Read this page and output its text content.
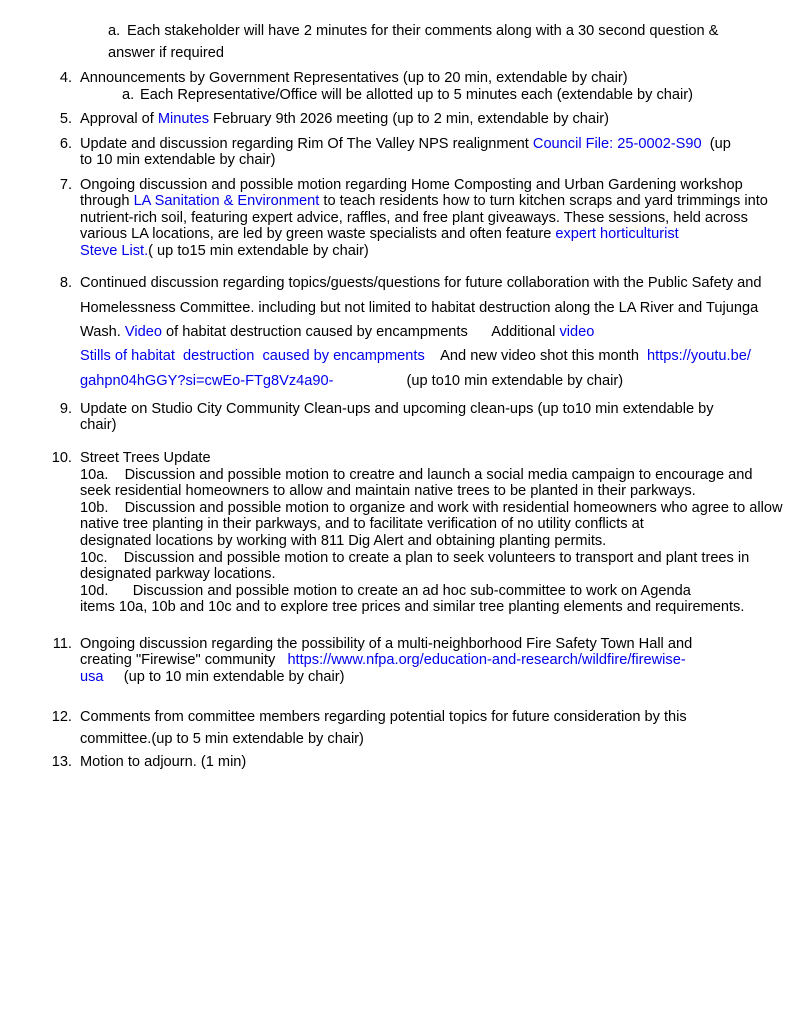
a. Each stakeholder will have 2 minutes for their comments along with a 30 second question &
answer if required
4. Announcements by Government Representatives (up to 20 min, extendable by chair)
a. Each Representative/Office will be allotted up to 5 minutes each (extendable by chair)
5. Approval of Minutes February 9th 2026 meeting (up to 2 min, extendable by chair)
6. Update and discussion regarding Rim Of The Valley NPS realignment Council File: 25-0002-S90  (up
to 10 min extendable by chair)
7. Ongoing discussion and possible motion regarding Home Composting and Urban Gardening workshop
through LA Sanitation & Environment to teach residents how to turn kitchen scraps and yard trimmings into
nutrient-rich soil, featuring expert advice, raffles, and free plant giveaways. These sessions, held across
various LA locations, are led by green waste specialists and often feature expert horticulturist
Steve List.( up to15 min extendable by chair)
8. Continued discussion regarding topics/guests/questions for future collaboration with the Public Safety and
Homelessness Committee. including but not limited to habitat destruction along the LA River and Tujunga
Wash. Video of habitat destruction caused by encampments      Additional video
Stills of habitat  destruction  caused by encampments    And new video shot this month  https://youtu.be/
gahpn04hGGY?si=cwEo-FTg8Vz4a90-                  (up to10 min extendable by chair)
9. Update on Studio City Community Clean-ups and upcoming clean-ups (up to10 min extendable by
chair)
10. Street Trees Update
10a.    Discussion and possible motion to creatre and launch a social media campaign to encourage and
seek residential homeowners to allow and maintain native trees to be planted in their parkways.
10b.    Discussion and possible motion to organize and work with residential homeowners who agree to allow
native tree planting in their parkways, and to facilitate verification of no utility conflicts at
designated locations by working with 811 Dig Alert and obtaining planting permits.
10c.    Discussion and possible motion to create a plan to seek volunteers to transport and plant trees in
designated parkway locations.
10d.      Discussion and possible motion to create an ad hoc sub-committee to work on Agenda
items 10a, 10b and 10c and to explore tree prices and similar tree planting elements and requirements.
11. Ongoing discussion regarding the possibility of a multi-neighborhood Fire Safety Town Hall and
creating "Firewise" community   https://www.nfpa.org/education-and-research/wildfire/firewise-
usa     (up to 10 min extendable by chair)
12. Comments from committee members regarding potential topics for future consideration by this
committee.(up to 5 min extendable by chair)
13. Motion to adjourn. (1 min)
